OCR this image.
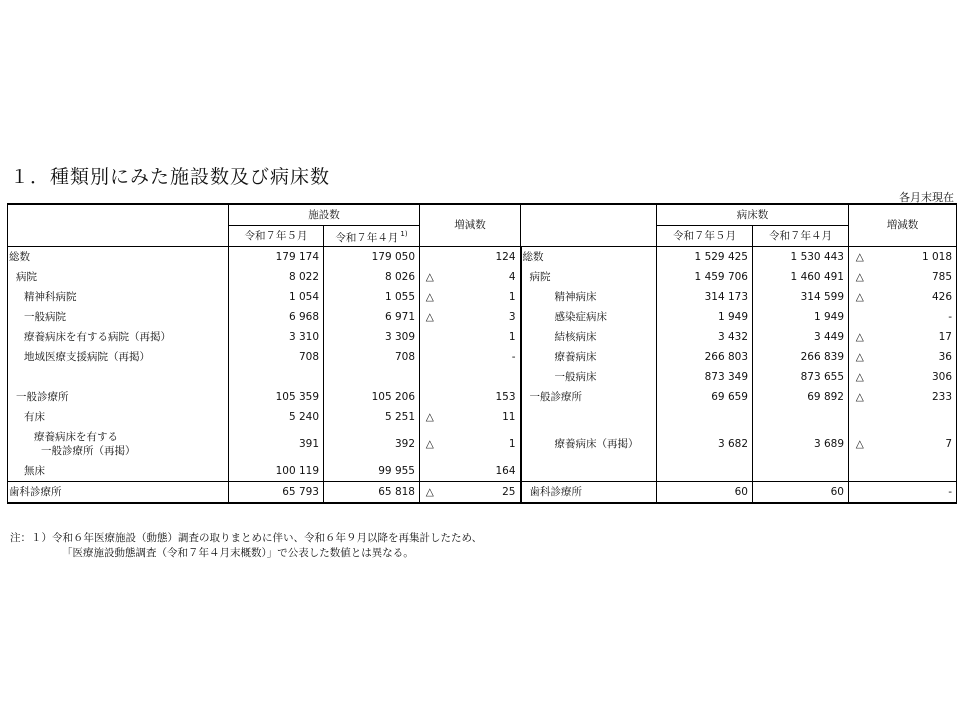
１．種類別にみた施設数及び病床数
各月末現在
	施設数		増減数			病床数		増減数	
	令和７年５月	令和７年４月 $^{1)}$				令和７年５月	令和７年４月		
総数	179 174	179 050		124	総数	1 529 425	1 530 443	△	1 018
病院	8 022	8 026	△	4	病院	1 459 706	1 460 491	△	785
精神科病院	1 054	1 055	△	1	精神病床	314 173	314 599	△	426
一般病院	6 968	6 971	△	3	感染症病床	1 949	1 949		-
療養病床を有する病院（再掲）	3 310	3 309		1	結核病床	3 432	3 449	△	17
地域医療支援病院（再掲）	708	708		-	療養病床	266 803	266 839	△	36
					一般病床	873 349	873 655	△	306
一般診療所	105 359	105 206		153	一般診療所	69 659	69 892	△	233
有床	5 240	5 251	△	11					

療養病床を有する
一般診療所（再掲）	391	392	△	1	療養病床（再掲）	3 682	3 689	△	7
無床	100 119	99 955		164					
歯科診療所	65 793	65 818	△	25	歯科診療所	60	60		-
注：１）令和６年医療施設（動態）調査の取りまとめに伴い、令和６年９月以降を再集計したため、
「医療施設動態調査（令和７年４月末概数）」で公表した数値とは異なる。
